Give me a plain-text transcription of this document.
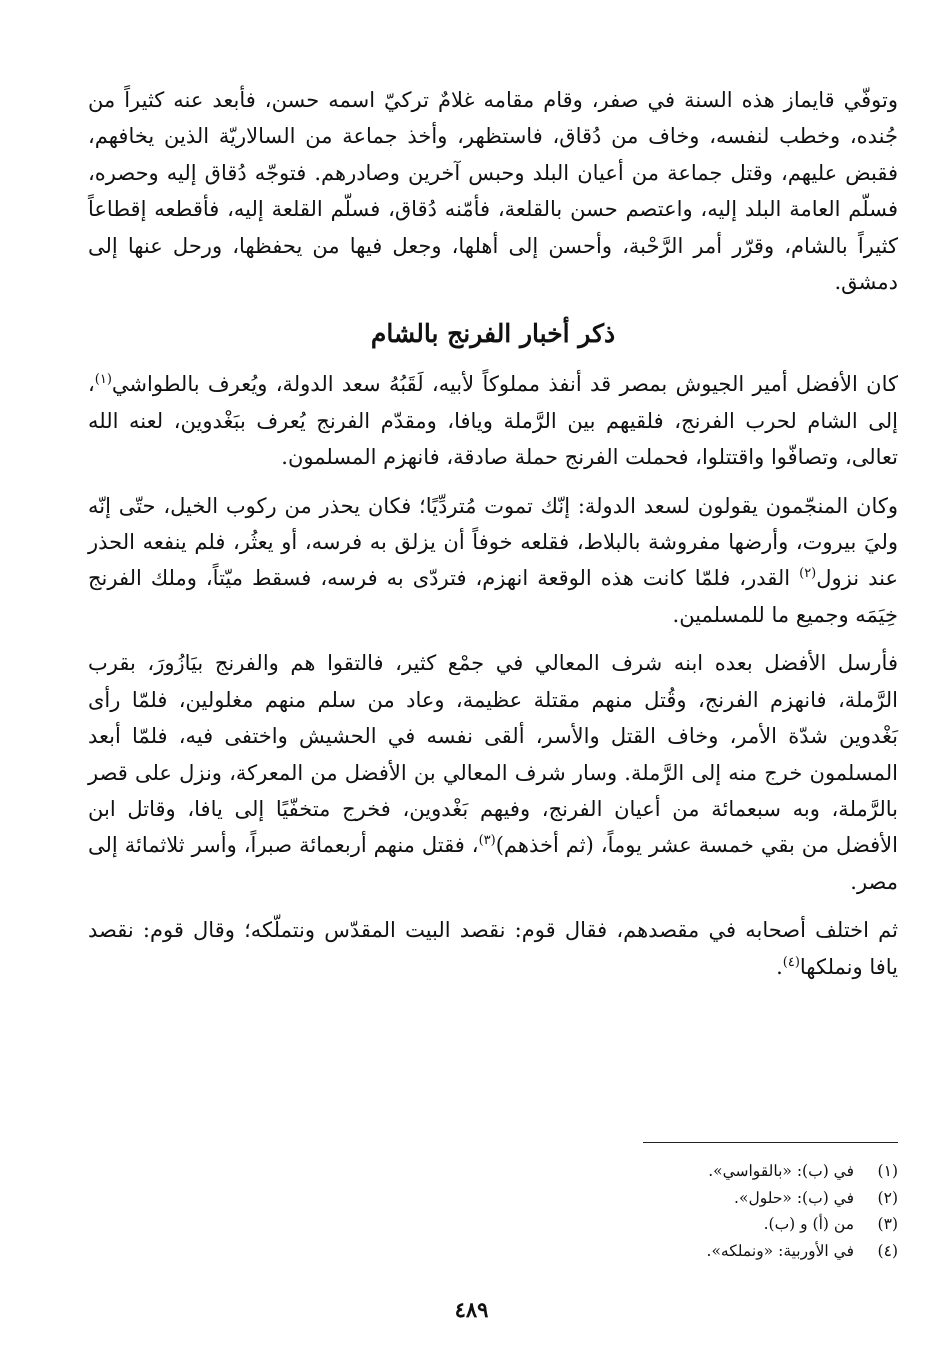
وتوفّي قايماز هذه السنة في صفر، وقام مقامه غلامٌ تركيّ اسمه حسن، فأبعد عنه كثيراً من جُنده، وخطب لنفسه، وخاف من دُقاق، فاستظهر، وأخذ جماعة من السالاريّة الذين يخافهم، فقبض عليهم، وقتل جماعة من أعيان البلد وحبس آخرين وصادرهم. فتوجّه دُقاق إليه وحصره، فسلّم العامة البلد إليه، واعتصم حسن بالقلعة، فأمّنه دُقاق، فسلّم القلعة إليه، فأقطعه إقطاعاً كثيراً بالشام، وقرّر أمر الرَّحْبة، وأحسن إلى أهلها، وجعل فيها من يحفظها، ورحل عنها إلى دمشق.

ذكر أخبار الفرنج بالشام

كان الأفضل أمير الجيوش بمصر قد أنفذ مملوكاً لأبيه، لَقَبُهُ سعد الدولة، ويُعرف بالطواشي$^{(١)}$، إلى الشام لحرب الفرنج، فلقيهم بين الرَّملة ويافا، ومقدّم الفرنج يُعرف ببَغْدوين، لعنه الله تعالى، وتصافّوا واقتتلوا، فحملت الفرنج حملة صادقة، فانهزم المسلمون.

وكان المنجّمون يقولون لسعد الدولة: إنّك تموت مُتردِّيًا؛ فكان يحذر من ركوب الخيل، حتّى إنّه وليَ بيروت، وأرضها مفروشة بالبلاط، فقلعه خوفاً أن يزلق به فرسه، أو يعثُر، فلم ينفعه الحذر عند نزول$^{(٢)}$ القدر، فلمّا كانت هذه الوقعة انهزم، فتردّى به فرسه، فسقط ميّتاً، وملك الفرنج خِيَمَه وجميع ما للمسلمين.

فأرسل الأفضل بعده ابنه شرف المعالي في جمْع كثير، فالتقوا هم والفرنج بيَازُورَ، بقرب الرَّملة، فانهزم الفرنج، وقُتل منهم مقتلة عظيمة، وعاد من سلم منهم مغلولين، فلمّا رأى بَغْدوين شدّة الأمر، وخاف القتل والأسر، ألقى نفسه في الحشيش واختفى فيه، فلمّا أبعد المسلمون خرج منه إلى الرَّملة. وسار شرف المعالي بن الأفضل من المعركة، ونزل على قصر بالرَّملة، وبه سبعمائة من أعيان الفرنج، وفيهم بَغْدوين، فخرج متخفّيًا إلى يافا، وقاتل ابن الأفضل من بقي خمسة عشر يوماً، (ثم أخذهم)$^{(٣)}$، فقتل منهم أربعمائة صبراً، وأسر ثلاثمائة إلى مصر.

ثم اختلف أصحابه في مقصدهم، فقال قوم: نقصد البيت المقدّس ونتملّكه؛ وقال قوم: نقصد يافا ونملكها$^{(٤)}$.

(١)
في (ب): «بالقواسي».
(٢)
في (ب): «حلول».
(٣)
من (أ) و (ب).
(٤)
في الأوربية: «ونملكه».
٤٨٩
